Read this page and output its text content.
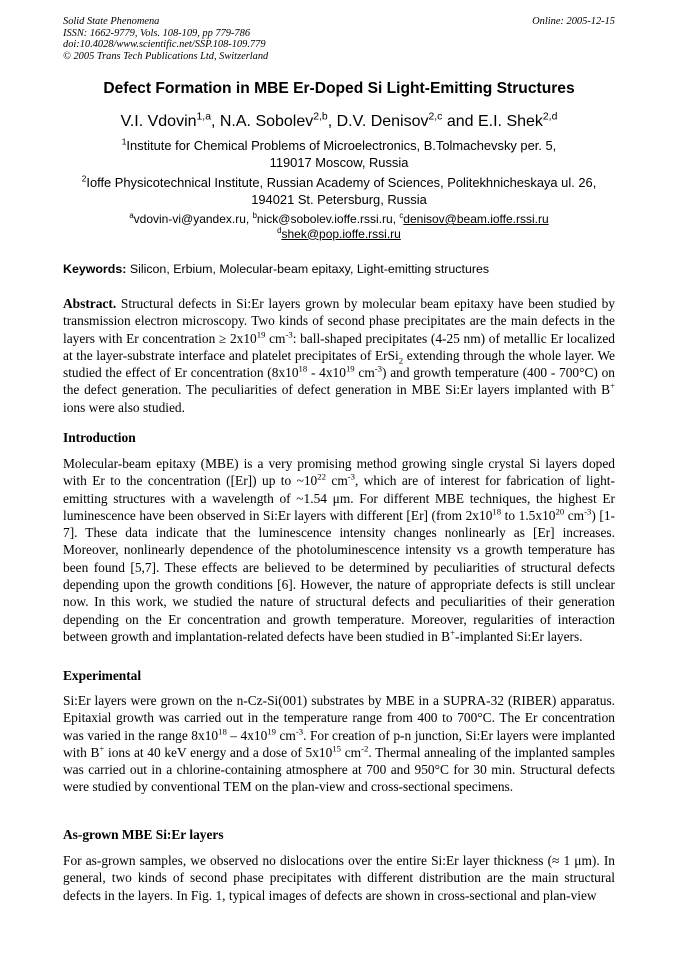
Solid State Phenomena
ISSN: 1662-9779, Vols. 108-109, pp 779-786
doi:10.4028/www.scientific.net/SSP.108-109.779
© 2005 Trans Tech Publications Ltd, Switzerland
Online: 2005-12-15
Defect Formation in MBE Er-Doped Si Light-Emitting Structures
V.I. Vdovin$^{1,a}$, N.A. Sobolev$^{2,b}$, D.V. Denisov$^{2,c}$ and E.I. Shek$^{2,d}$
$^1$Institute for Chemical Problems of Microelectronics, B.Tolmachevsky per. 5,
119017 Moscow, Russia
$^2$Ioffe Physicotechnical Institute, Russian Academy of Sciences, Politekhnicheskaya ul. 26,
194021 St. Petersburg, Russia
$^a$vdovin-vi@yandex.ru, $^b$nick@sobolev.ioffe.rssi.ru, $^c$denisov@beam.ioffe.rssi.ru
$^d$shek@pop.ioffe.rssi.ru
Keywords: Silicon, Erbium, Molecular-beam epitaxy, Light-emitting structures
Abstract. Structural defects in Si:Er layers grown by molecular beam epitaxy have been studied by transmission electron microscopy. Two kinds of second phase precipitates are the main defects in the layers with Er concentration ≥ $2x10^{19}$ $cm^{-3}$: ball-shaped precipitates (4-25 nm) of metallic Er localized at the layer-substrate interface and platelet precipitates of ErSi$_2$ extending through the whole layer. We studied the effect of Er concentration ($8x10^{18} - 4x10^{19}$ $cm^{-3}$) and growth temperature (400 - 700°C) on the defect generation. The peculiarities of defect generation in MBE Si:Er layers implanted with B+ ions were also studied.
Introduction
Molecular-beam epitaxy (MBE) is a very promising method growing single crystal Si layers doped with Er to the concentration ([Er]) up to $\sim 10^{22}$ $cm^{-3}$, which are of interest for fabrication of light-emitting structures with a wavelength of ~1.54 μm. For different MBE techniques, the highest Er luminescence have been observed in Si:Er layers with different [Er] (from $2x10^{18}$ to $1.5x10^{20}$ $cm^{-3}$) [1-7]. These data indicate that the luminescence intensity changes nonlinearly as [Er] increases. Moreover, nonlinearly dependence of the photoluminescence intensity vs a growth temperature has been found [5,7]. These effects are believed to be determined by peculiarities of structural defects depending upon the growth conditions [6]. However, the nature of appropriate defects is still unclear now. In this work, we studied the nature of structural defects and peculiarities of their generation depending on the Er concentration and growth temperature. Moreover, regularities of interaction between growth and implantation-related defects have been studied in B+-implanted Si:Er layers.
Experimental
Si:Er layers were grown on the n-Cz-Si(001) substrates by MBE in a SUPRA-32 (RIBER) apparatus. Epitaxial growth was carried out in the temperature range from 400 to 700°C. The Er concentration was varied in the range $8x10^{18} - 4x10^{19}$ $cm^{-3}$. For creation of p-n junction, Si:Er layers were implanted with B+ ions at 40 keV energy and a dose of $5x10^{15}$ $cm^{-2}$. Thermal annealing of the implanted samples was carried out in a chlorine-containing atmosphere at 700 and 950°C for 30 min. Structural defects were studied by conventional TEM on the plan-view and cross-sectional specimens.
As-grown MBE Si:Er layers
For as-grown samples, we observed no dislocations over the entire Si:Er layer thickness (≈ 1 μm). In general, two kinds of second phase precipitates with different distribution are the main structural defects in the layers. In Fig. 1, typical images of defects are shown in cross-sectional and plan-view
